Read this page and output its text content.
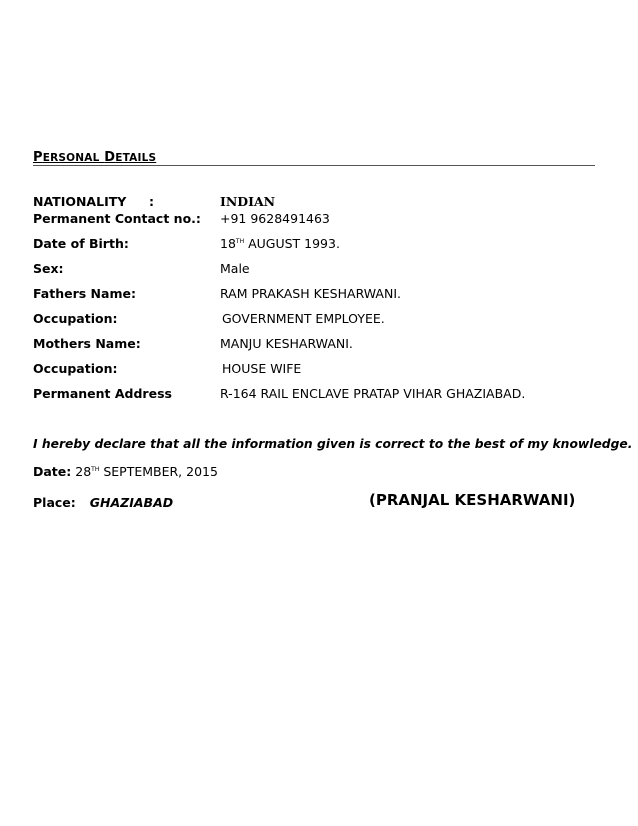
PERSONAL DETAILS
NATIONALITY :	INDIAN
Permanent Contact no.: +91 9628491463
Date of Birth:	18TH AUGUST 1993.
Sex:	Male
Fathers Name:	RAM PRAKASH KESHARWANI.
Occupation:	GOVERNMENT EMPLOYEE.
Mothers Name:	MANJU KESHARWANI.
Occupation:	HOUSE WIFE
Permanent Address	R-164 RAIL ENCLAVE PRATAP VIHAR GHAZIABAD.
I hereby declare that all the information given is correct to the best of my knowledge.
Date: 28TH SEPTEMBER, 2015
Place: GHAZIABAD	(PRANJAL KESHARWANI)
